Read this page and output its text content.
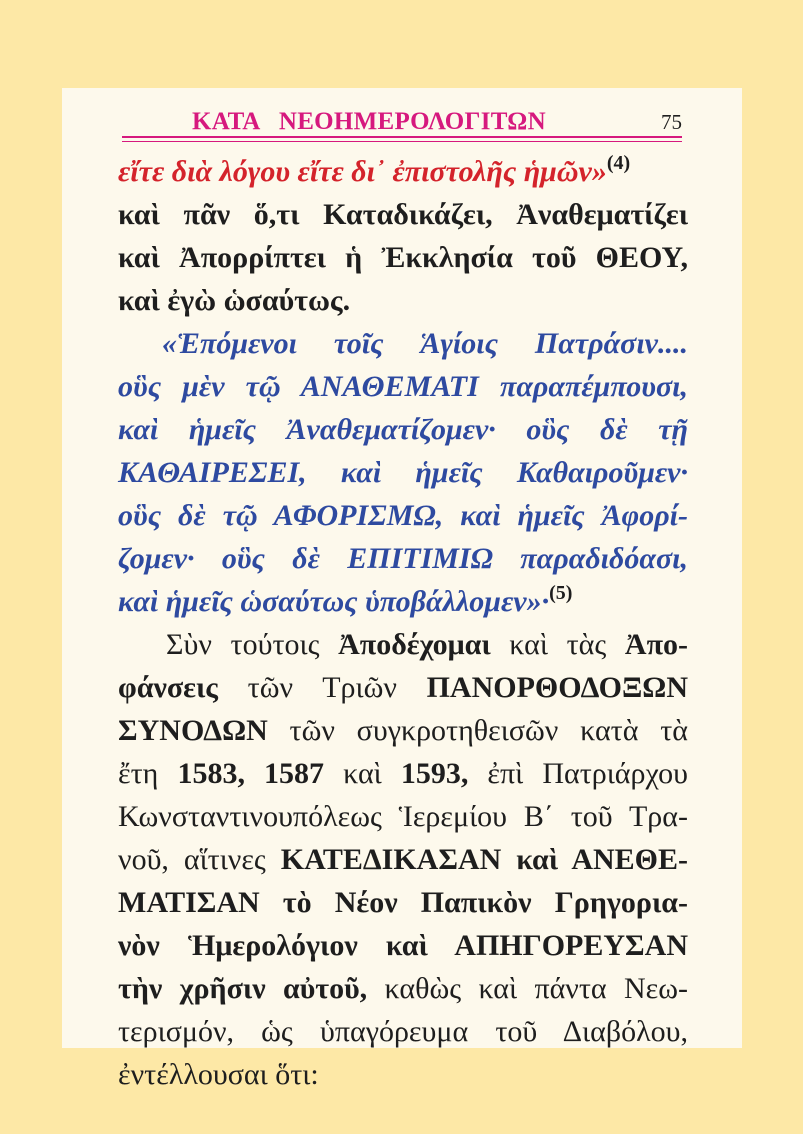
ΚΑΤΑ   ΝΕΟΗΜΕΡΟΛΟΓΙΤΩΝ	75
εἴτε διὰ λόγου εἴτε δι᾽ ἐπιστολῆς ἡμῶν»$^{(4)}$
καὶ πᾶν ὅ,τι Καταδικάζει, Ἀναθεματίζει
καὶ Ἀπορρίπτει ἡ Ἐκκλησία τοῦ ΘΕΟΥ,
καὶ ἐγὼ ὡσαύτως.
«Ἑπόμενοι τοῖς Ἁγίοις Πατράσιν....
οὓς μὲν τῷ ΑΝΑΘΕΜΑΤΙ παραπέμπουσι,
καὶ ἡμεῖς Ἀναθεματίζομεν· οὓς δὲ τῇ
ΚΑΘΑΙΡΕΣΕΙ, καὶ ἡμεῖς Καθαιροῦμεν·
οὓς δὲ τῷ ΑΦΟΡΙΣΜΩ, καὶ ἡμεῖς Ἀφορί-
ζομεν· οὓς δὲ ΕΠΙΤΙΜΙΩ παραδιδόασι,
καὶ ἡμεῖς ὡσαύτως ὑποβάλλομεν»·$^{(5)}$
Σὺν τούτοις Ἀποδέχομαι καὶ τὰς Ἀπο-
φάνσεις τῶν Τριῶν ΠΑΝΟΡΘΟΔΟΞΩΝ
ΣΥΝΟΔΩΝ τῶν συγκροτηθεισῶν κατὰ τὰ
ἔτη 1583, 1587 καὶ 1593, ἐπὶ Πατριάρχου
Κωνσταντινουπόλεως Ἱερεμίου Β΄ τοῦ Τρα-
νοῦ, αἵτινες ΚΑΤΕΔΙΚΑΣΑΝ καὶ ΑΝΕΘΕ-
ΜΑΤΙΣΑΝ τὸ Νέον Παπικὸν Γρηγορια-
νὸν Ἡμερολόγιον καὶ ΑΠΗΓΟΡΕΥΣΑΝ
τὴν χρῆσιν αὐτοῦ, καθὼς καὶ πάντα Νεω-
τερισμόν, ὡς ὑπαγόρευμα τοῦ Διαβόλου,
ἐντέλλουσαι ὅτι:
